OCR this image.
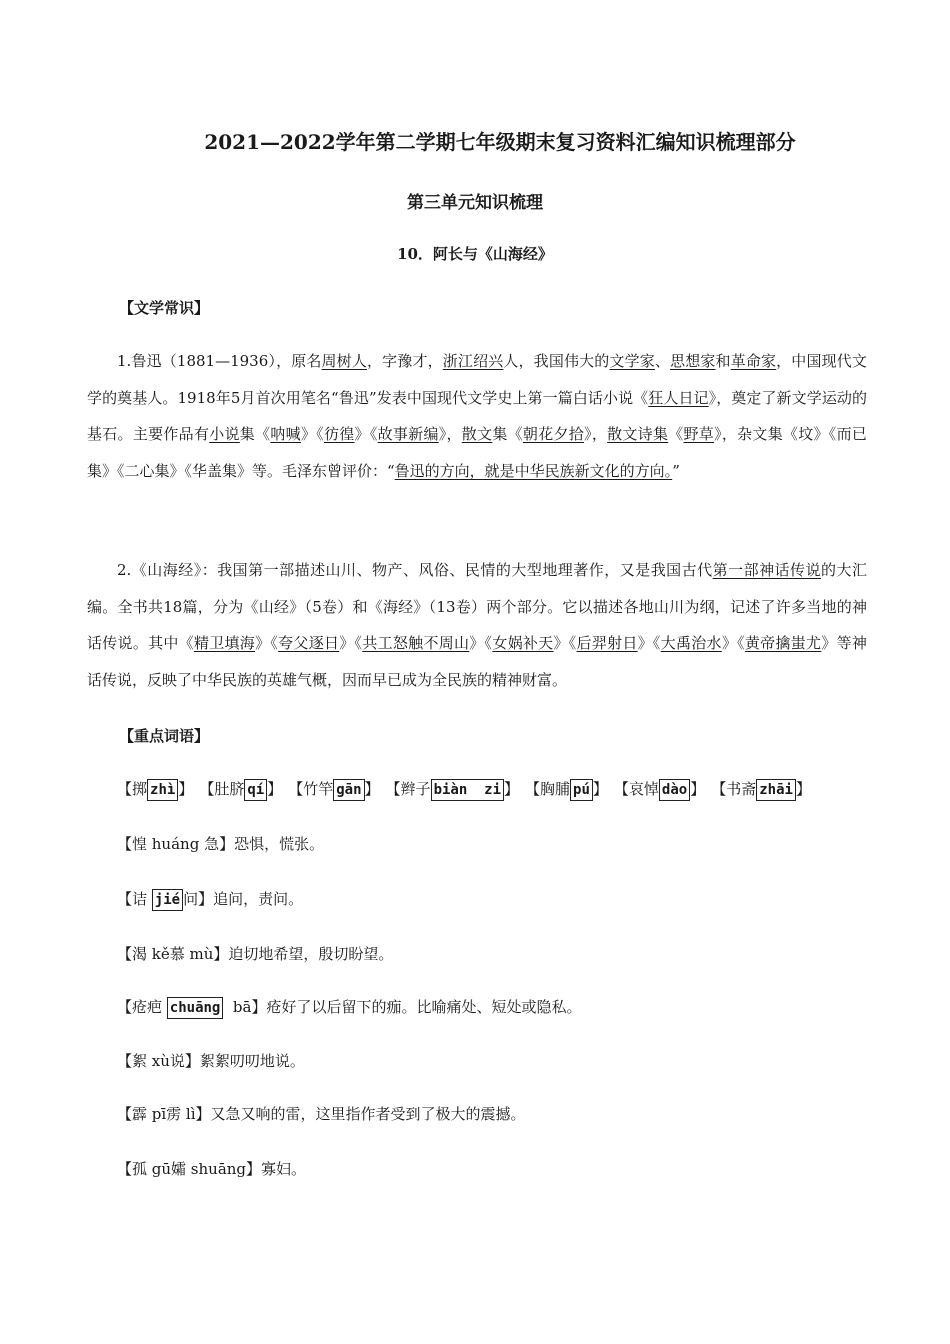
2021—2022学年第二学期七年级期末复习资料汇编知识梳理部分
第三单元知识梳理
10．阿长与《山海经》

【文学常识】

1.鲁迅（1881—1936），原名周树人，字豫才，浙江绍兴人，我国伟大的文学家、思想家和革命家，中国现代文学的奠基人。1918年5月首次用笔名“鲁迅”发表中国现代文学史上第一篇白话小说《狂人日记》，奠定了新文学运动的基石。主要作品有小说集《呐喊》《彷徨》《故事新编》，散文集《朝花夕拾》，散文诗集《野草》，杂文集《坟》《而已集》《二心集》《华盖集》等。毛泽东曾评价：“鲁迅的方向，就是中华民族新文化的方向。”

2.《山海经》：我国第一部描述山川、物产、风俗、民情的大型地理著作，又是我国古代第一部神话传说的大汇编。全书共18篇，分为《山经》（5卷）和《海经》（13卷）两个部分。它以描述各地山川为纲，记述了许多当地的神话传说。其中《精卫填海》《夸父逐日》《共工怒触不周山》《女娲补天》《后羿射日》《大禹治水》《黄帝擒蚩尤》等神话传说，反映了中华民族的英雄气概，因而早已成为全民族的精神财富。

【重点词语】

【掷 zhì 】 【肚脐 qí 】 【竹竿 gān 】 【辫子 biàn  zi 】 【胸脯 pú 】 【哀悼 dào 】 【书斋 zhāi 】

【惶 huáng 急】恐惧，慌张。

【诘 jié 问】追问，责问。

【渴 kě慕 mù】迫切地希望，殷切盼望。

【疮疤 chuāng  bā】疮好了以后留下的痂。比喻痛处、短处或隐私。

【絮 xù说】絮絮叨叨地说。

【霹 pī雳 lì】又急又响的雷，这里指作者受到了极大的震撼。

【孤 gū孀 shuāng】寡妇。
